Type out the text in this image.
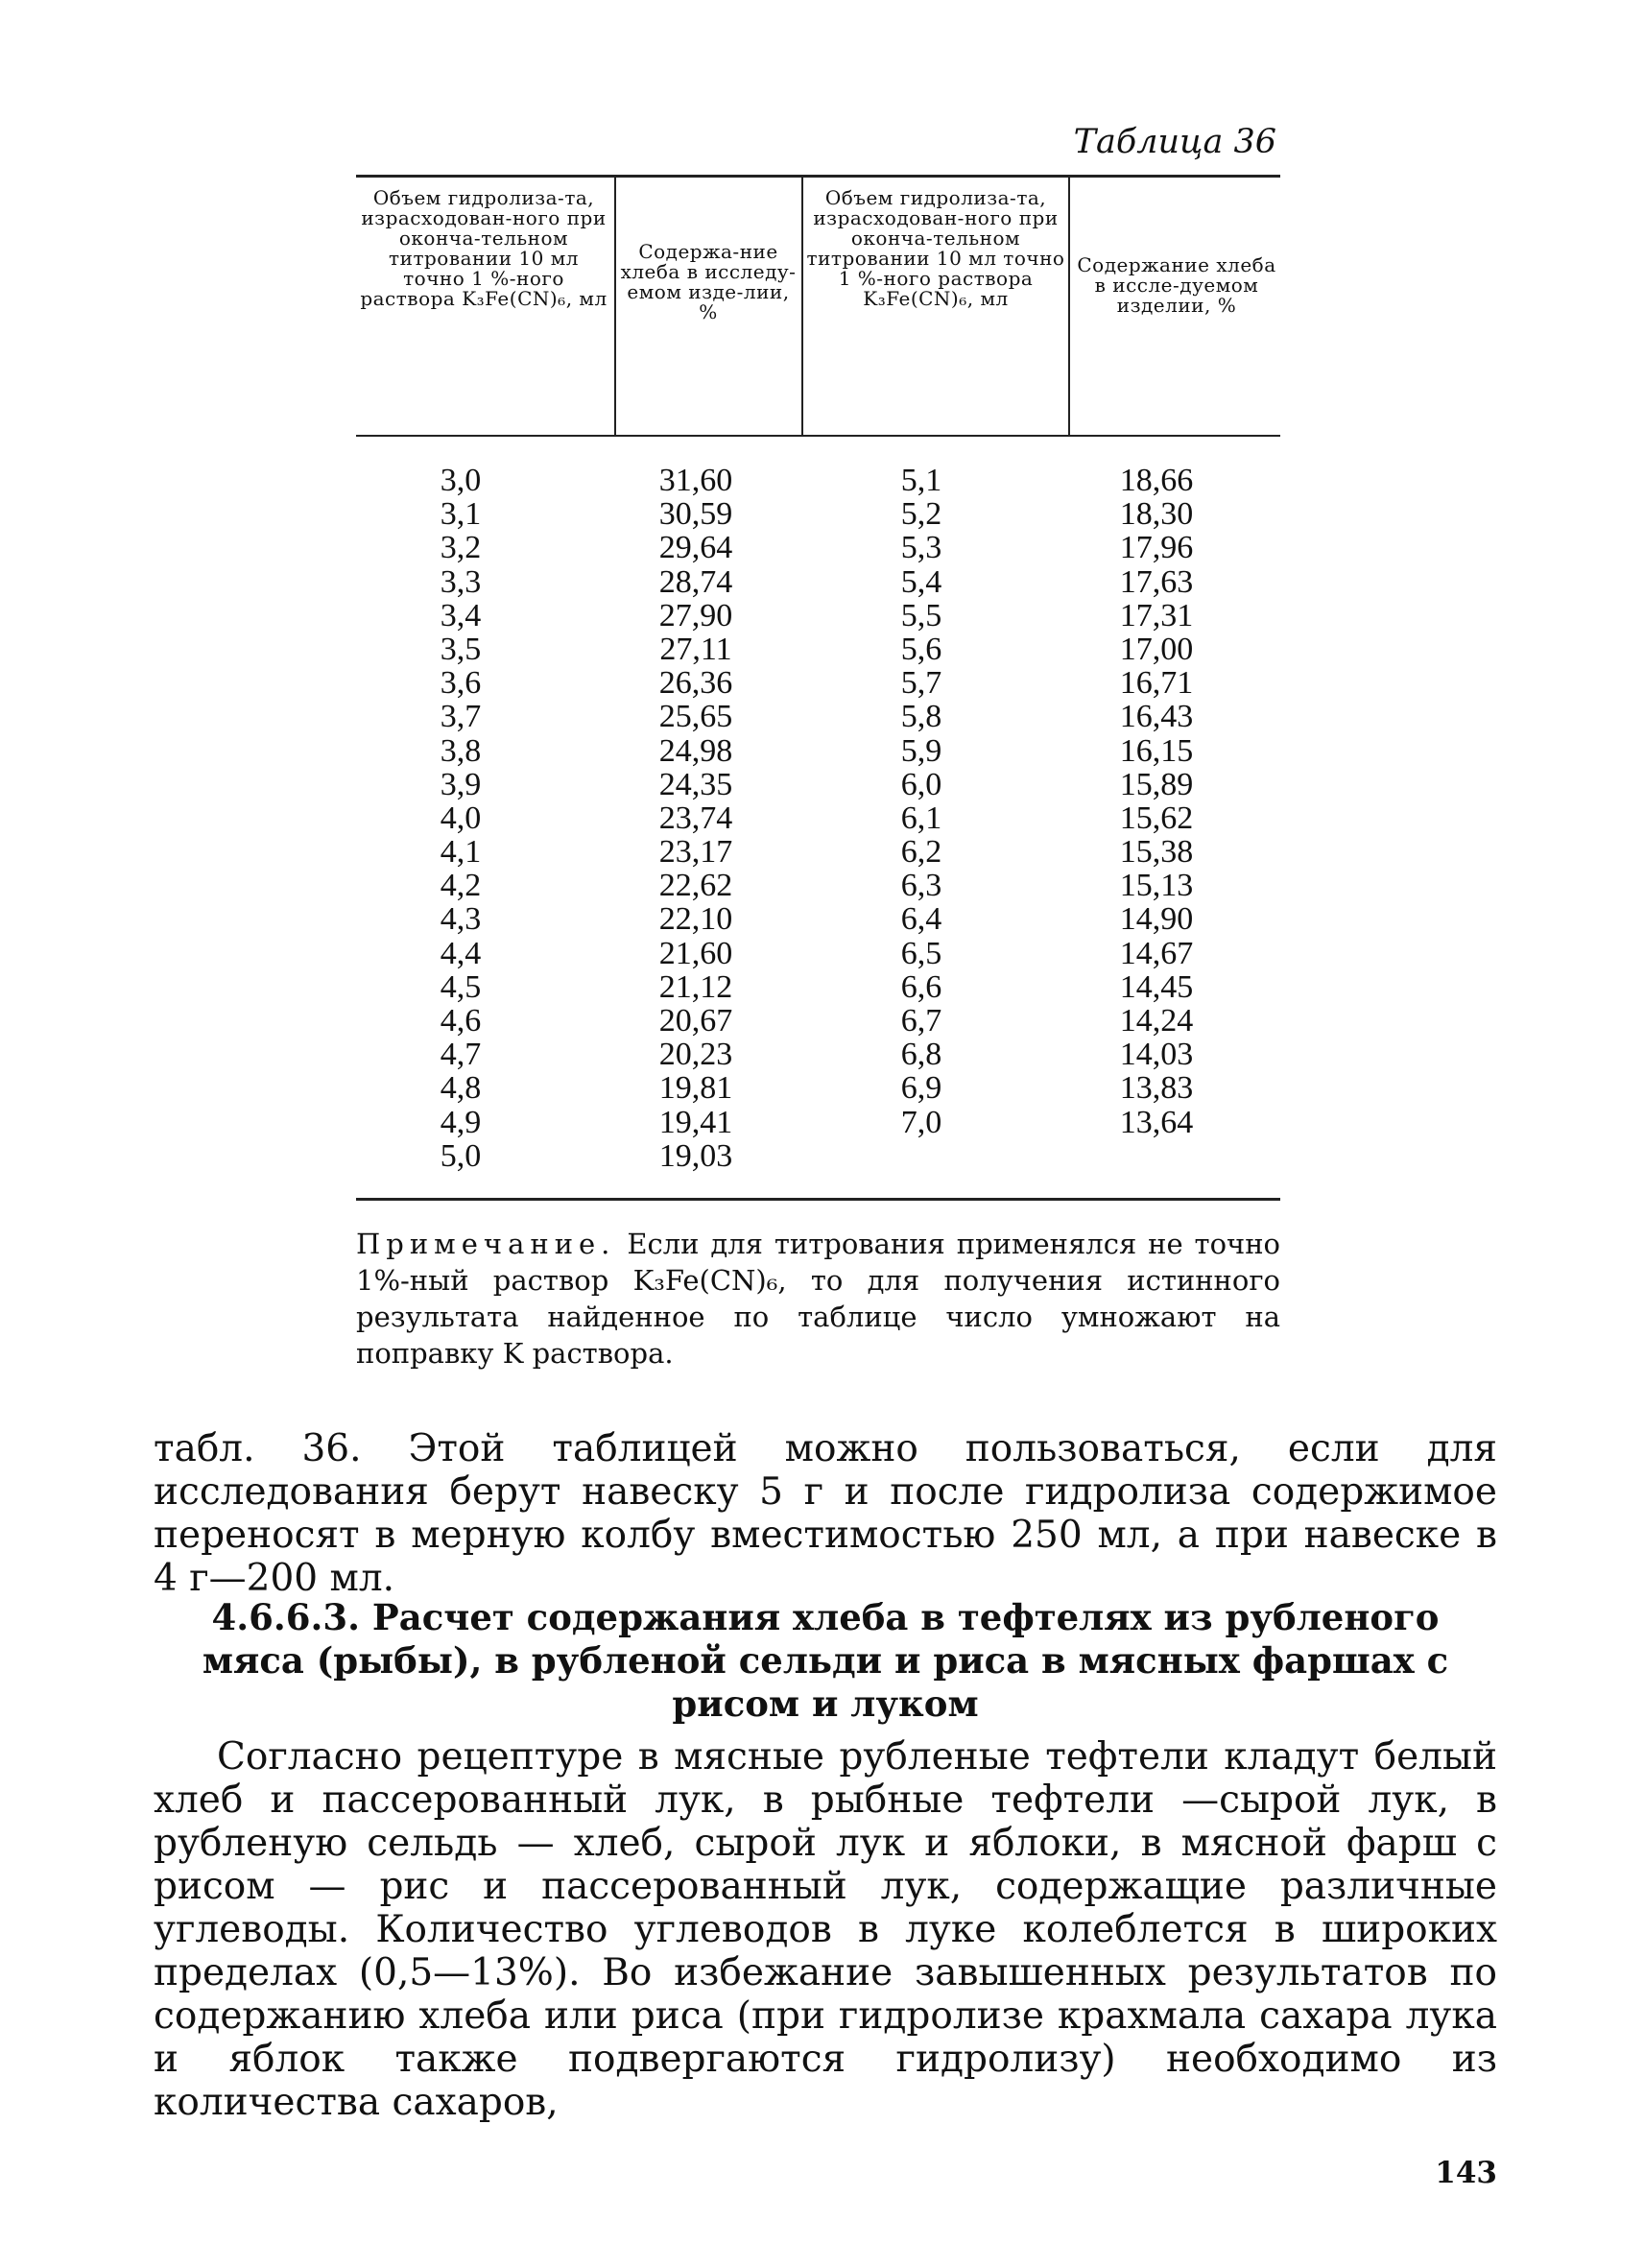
Таблица 36
Объем гидролиза-та, израсходован-ного при оконча-тельном титровании 10 мл точно 1 %-ного раствора K₃Fe(CN)₆, мл
Содержа-ние хлеба в исследу-емом изде-лии, %
Объем гидролиза-та, израсходован-ного при оконча-тельном титровании 10 мл точно 1 %-ного раствора K₃Fe(CN)₆, мл
Содержание хлеба в иссле-дуемом изделии, %
3,0
3,1
3,2
3,3
3,4
3,5
3,6
3,7
3,8
3,9
4,0
4,1
4,2
4,3
4,4
4,5
4,6
4,7
4,8
4,9
5,0
31,60
30,59
29,64
28,74
27,90
27,11
26,36
25,65
24,98
24,35
23,74
23,17
22,62
22,10
21,60
21,12
20,67
20,23
19,81
19,41
19,03
5,1
5,2
5,3
5,4
5,5
5,6
5,7
5,8
5,9
6,0
6,1
6,2
6,3
6,4
6,5
6,6
6,7
6,8
6,9
7,0
18,66
18,30
17,96
17,63
17,31
17,00
16,71
16,43
16,15
15,89
15,62
15,38
15,13
14,90
14,67
14,45
14,24
14,03
13,83
13,64
Примечание. Если для титрования применялся не точно 1%-ный раствор K₃Fe(CN)₆, то для получения истинного результата найденное по таблице число умножают на поправку K раствора.
табл. 36. Этой таблицей можно пользоваться, если для исследования берут навеску 5 г и после гидролиза содержимое переносят в мерную колбу вместимостью 250 мл, а при навеске в 4 г—200 мл.
4.6.6.3. Расчет содержания хлеба в тефтелях из рубленого мяса (рыбы), в рубленой сельди и риса в мясных фаршах с рисом и луком
Согласно рецептуре в мясные рубленые тефтели кладут белый хлеб и пассерованный лук, в рыбные тефтели —сырой лук, в рубленую сельдь — хлеб, сырой лук и яблоки, в мясной фарш с рисом — рис и пассерованный лук, содержащие различные углеводы. Количество углеводов в луке колеблется в широких пределах (0,5—13%). Во избежание завышенных результатов по содержанию хлеба или риса (при гидролизе крахмала сахара лука и яблок также подвергаются гидролизу) необходимо из количества сахаров,
143
